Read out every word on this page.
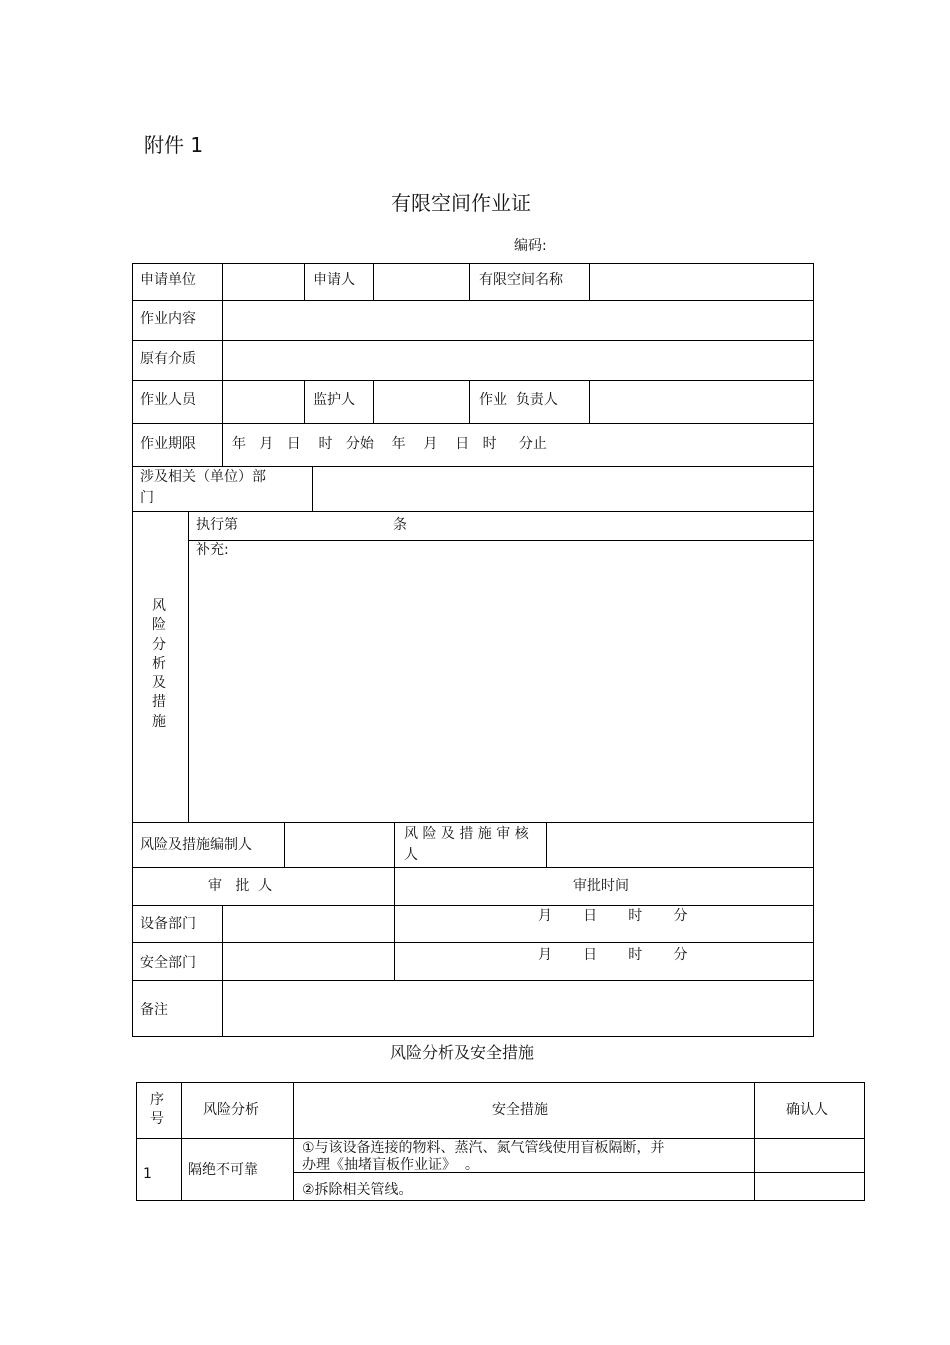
附件 1
有限空间作业证
编码:
申请单位	申请人	有限空间名称
作业内容
原有介质
作业人员	监护人	作业  负责人
作业期限	年   月   日    时   分始    年    月    日   时     分止
涉及相关（单位）部
门
风
险
分
析
及
措
施
执行第	条
补充:
风险及措施编制人
风 险 及 措 施 审 核
人
审   批  人	审批时间
设备部门	月       日       时       分
安全部门	月       日       时       分
备注
风险分析及安全措施
序
号
风险分析	安全措施	确认人
1	隔绝不可靠
①与该设备连接的物料、蒸汽、氮气管线使用盲板隔断，并
办理《抽堵盲板作业证》  。
②拆除相关管线。
